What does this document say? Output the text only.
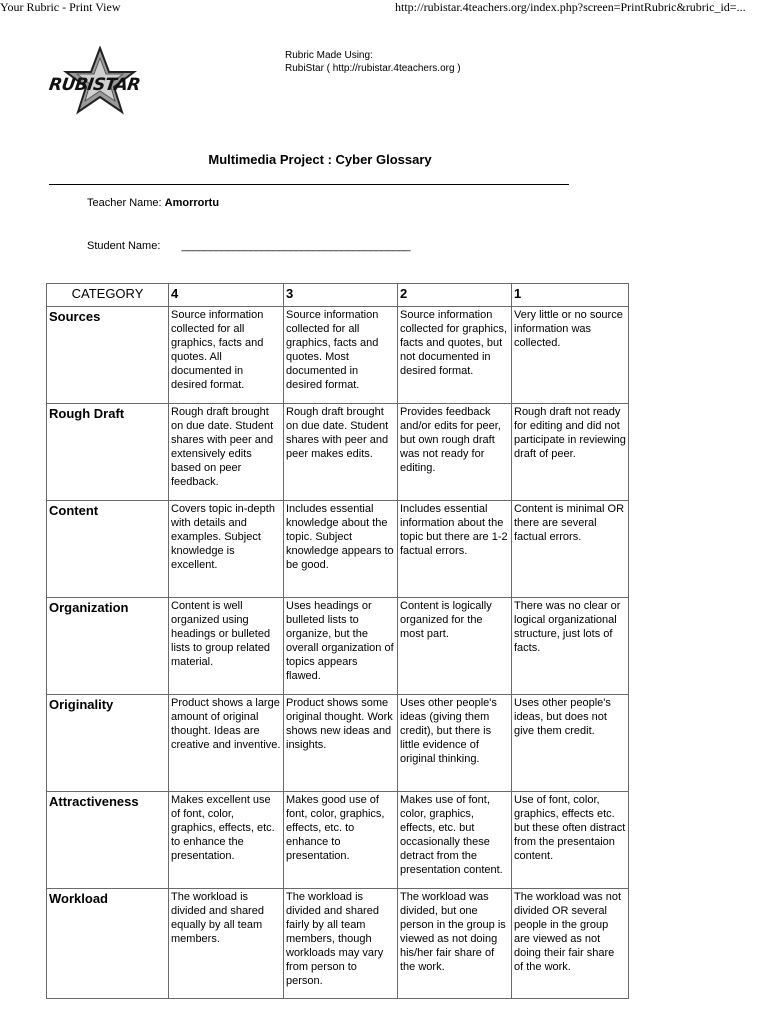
Your Rubric - Print View	http://rubistar.4teachers.org/index.php?screen=PrintRubric&rubric_id=...
RUBISTAR
Rubric Made Using:
RubiStar ( http://rubistar.4teachers.org )
Multimedia Project : Cyber Glossary
Teacher Name: Amorrortu
Student Name: ________________________________________
CATEGORY	4	3	2	1
Sources	Source information collected for all graphics, facts and quotes. All documented in desired format.	Source information collected for all graphics, facts and quotes. Most documented in desired format.	Source information collected for graphics, facts and quotes, but not documented in desired format.	Very little or no source information was collected.
Rough Draft	Rough draft brought on due date. Student shares with peer and extensively edits based on peer feedback.	Rough draft brought on due date. Student shares with peer and peer makes edits.	Provides feedback and/or edits for peer, but own rough draft was not ready for editing.	Rough draft not ready for editing and did not participate in reviewing draft of peer.
Content	Covers topic in-depth with details and examples. Subject knowledge is excellent.	Includes essential knowledge about the topic. Subject knowledge appears to be good.	Includes essential information about the topic but there are 1-2 factual errors.	Content is minimal OR there are several factual errors.
Organization	Content is well organized using headings or bulleted lists to group related material.	Uses headings or bulleted lists to organize, but the overall organization of topics appears flawed.	Content is logically organized for the most part.	There was no clear or logical organizational structure, just lots of facts.
Originality	Product shows a large amount of original thought. Ideas are creative and inventive.	Product shows some original thought. Work shows new ideas and insights.	Uses other people's ideas (giving them credit), but there is little evidence of original thinking.	Uses other people's ideas, but does not give them credit.
Attractiveness	Makes excellent use of font, color, graphics, effects, etc. to enhance the presentation.	Makes good use of font, color, graphics, effects, etc. to enhance to presentation.	Makes use of font, color, graphics, effects, etc. but occasionally these detract from the presentation content.	Use of font, color, graphics, effects etc. but these often distract from the presentaion content.
Workload	The workload is divided and shared equally by all team members.	The workload is divided and shared fairly by all team members, though workloads may vary from person to person.	The workload was divided, but one person in the group is viewed as not doing his/her fair share of the work.	The workload was not divided OR several people in the group are viewed as not doing their fair share of the work.
